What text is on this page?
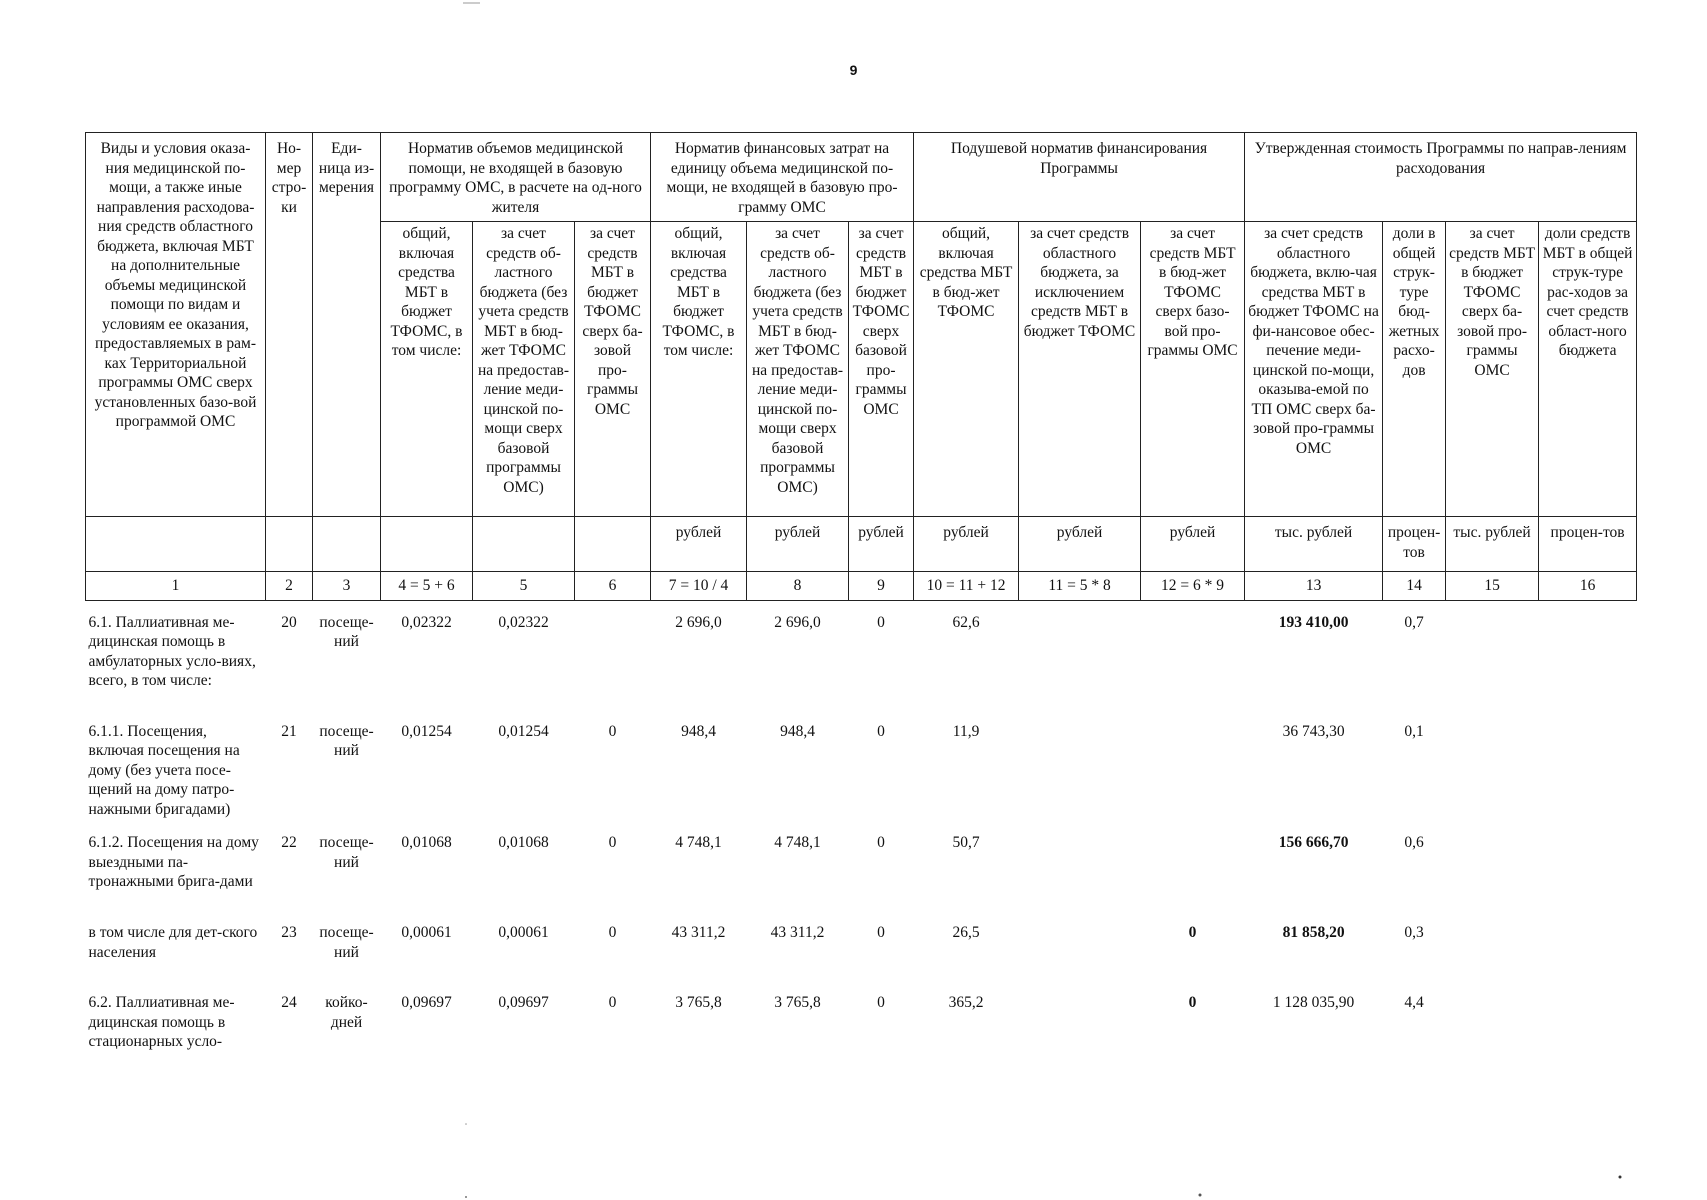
9
Виды и условия оказа-ния медицинской по-мощи, а также иные направления расходова-ния средств областного бюджета, включая МБТ на дополнительные объемы медицинской помощи по видам и условиям ее оказания, предоставляемых в рам-ках Территориальной программы ОМС сверх установленных базо-вой программой ОМС	Но-мер стро-ки	Еди-ница из-мерения	Норматив объемов медицинской помощи, не входящей в базовую программу ОМС, в расчете на од-ного жителя			Норматив финансовых затрат на единицу объема медицинской по-мощи, не входящей в базовую про-грамму ОМС			Подушевой норматив финансирования Программы			Утвержденная стоимость Программы по направ-лениям расходования			
			общий, включая средства МБТ в бюджет ТФОМС, в том числе:	за счет средств об-ластного бюджета (без учета средств МБТ в бюд-жет ТФОМС на предостав-ление меди-цинской по-мощи сверх базовой программы ОМС)	за счет средств МБТ в бюджет ТФОМС сверх ба-зовой про-граммы ОМС	общий, включая средства МБТ в бюджет ТФОМС, в том числе:	за счет средств об-ластного бюджета (без учета средств МБТ в бюд-жет ТФОМС на предостав-ление меди-цинской по-мощи сверх базовой программы ОМС)	за счет средств МБТ в бюджет ТФОМС сверх базовой про-граммы ОМС	общий, включая средства МБТ в бюд-жет ТФОМС	за счет средств областного бюджета, за исключением средств МБТ в бюджет ТФОМС	за счет средств МБТ в бюд-жет ТФОМС сверх базо-вой про-граммы ОМС	за счет средств областного бюджета, вклю-чая средства МБТ в бюджет ТФОМС на фи-нансовое обес-печение меди-цинской по-мощи, оказыва-емой по ТП ОМС сверх ба-зовой про-граммы ОМС	доли в общей струк-туре бюд-жетных расхо-дов	за счет средств МБТ в бюджет ТФОМС сверх ба-зовой про-граммы ОМС	доли средств МБТ в общей струк-туре рас-ходов за счет средств област-ного бюджета
						рублей	рублей	рублей	рублей	рублей	рублей	тыс. рублей	процен-тов	тыс. рублей	процен-тов
1	2	3	4 = 5 + 6	5	6	7 = 10 / 4	8	9	10 = 11 + 12	11 = 5 * 8	12 = 6 * 9	13	14	15	16
6.1. Паллиативная ме-дицинская помощь в амбулаторных усло-виях, всего, в том числе:	20	посеще-ний	0,02322	0,02322		2 696,0	2 696,0	0	62,6			193 410,00	0,7		
6.1.1. Посещения, включая посещения на дому (без учета посе-щений на дому патро-нажными бригадами)	21	посеще-ний	0,01254	0,01254	0	948,4	948,4	0	11,9			36 743,30	0,1		
6.1.2. Посещения на дому выездными па-тронажными брига-дами	22	посеще-ний	0,01068	0,01068	0	4 748,1	4 748,1	0	50,7			156 666,70	0,6		
в том числе для дет-ского населения	23	посеще-ний	0,00061	0,00061	0	43 311,2	43 311,2	0	26,5		0	81 858,20	0,3		
6.2. Паллиативная ме-дицинская помощь в стационарных усло-	24	койко-дней	0,09697	0,09697	0	3 765,8	3 765,8	0	365,2		0	1 128 035,90	4,4		
